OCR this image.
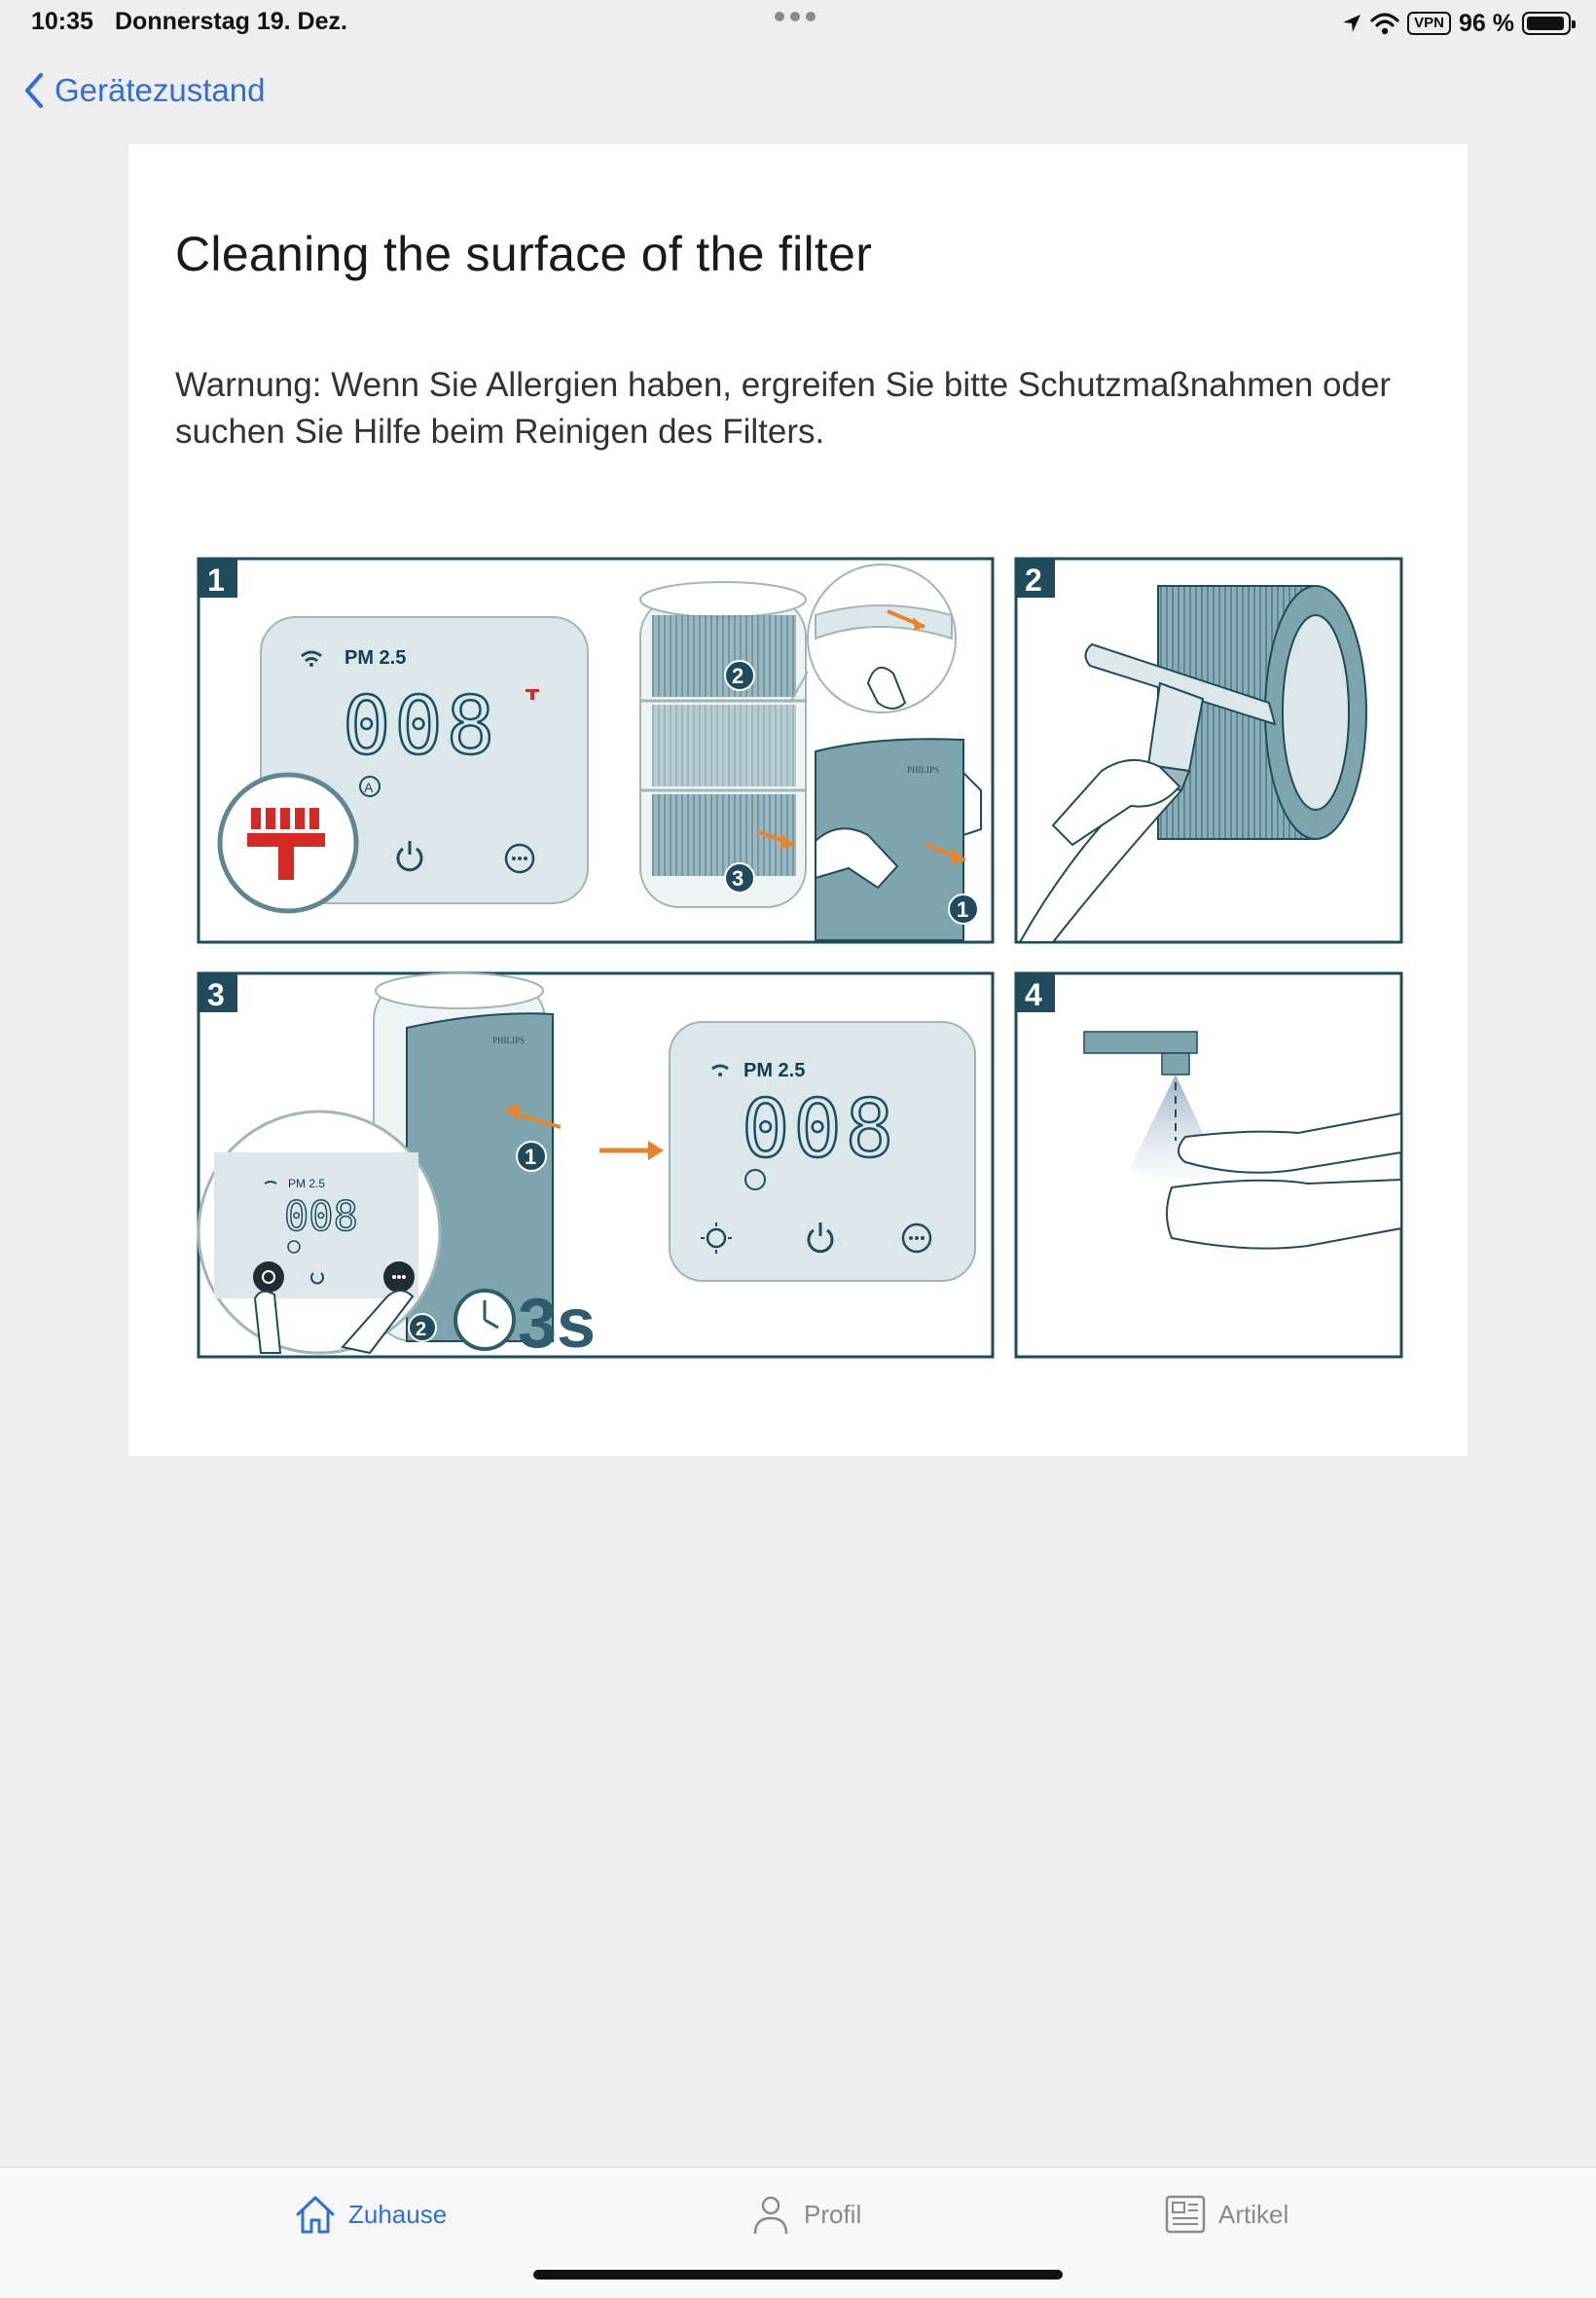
10:35 Donnerstag 19. Dez.	VPN 96 %
Gerätezustand
Cleaning the surface of the filter

Warnung: Wenn Sie Allergien haben, ergreifen Sie bitte Schutzmaßnahmen oder suchen Sie Hilfe beim Reinigen des Filters.

1
PM 2.5
008
A
PHILIPS
2
3
1
2
3
PHILIPS
1
PM 2.5
008
2 3s
PM 2.5
008
4
Zuhause	Profil	Artikel
